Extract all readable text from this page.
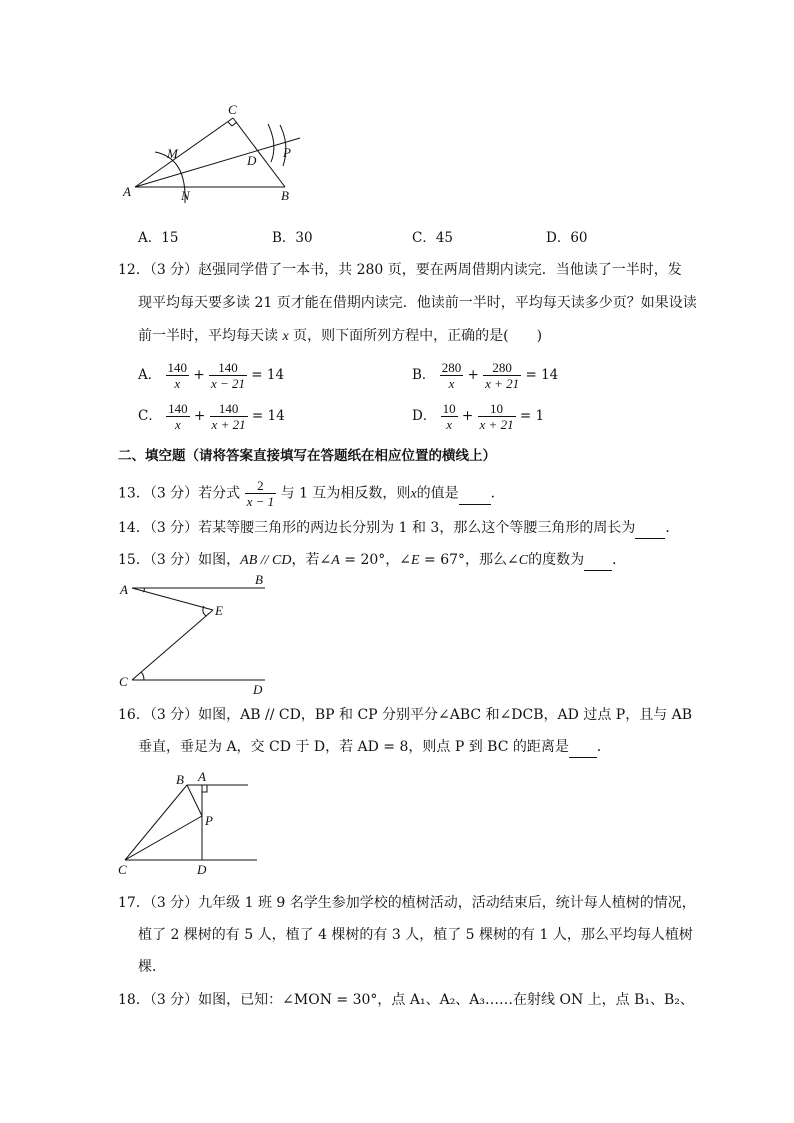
A	B
C
D
M
N
P
A．15	B．30	C．45	D．60
12．（3 分）赵强同学借了一本书，共 280 页，要在两周借期内读完．当他读了一半时，发
现平均每天要多读 21 页才能在借期内读完．他读前一半时，平均每天读多少页？如果设读
前一半时，平均每天读 x 页，则下面所列方程中，正确的是(　　)
A． $\frac{140}{x} + \frac{140}{x - 21} = 14$	B． $\frac{280}{x} + \frac{280}{x + 21} = 14$
C． $\frac{140}{x} + \frac{140}{x + 21} = 14$	D． $\frac{10}{x} + \frac{10}{x + 21} = 1$
二、填空题（请将答案直接填写在答题纸在相应位置的横线上）
13．（3 分）若分式 $\frac{2}{x - 1}$ 与 1 互为相反数，则x的值是 ．
14．（3 分）若某等腰三角形的两边长分别为 1 和 3，那么这个等腰三角形的周长为 ．
15．（3 分）如图，AB // CD，若∠A = 20°，∠E = 67°，那么∠C的度数为 ．
A
B
E
C
D
16．（3 分）如图，AB // CD，BP 和 CP 分别平分∠ABC 和∠DCB，AD 过点 P，且与 AB
垂直，垂足为 A，交 CD 于 D，若 AD = 8，则点 P 到 BC 的距离是 ．
B A
P
C	D
17．（3 分）九年级 1 班 9 名学生参加学校的植树活动，活动结束后，统计每人植树的情况，
植了 2 棵树的有 5 人，植了 4 棵树的有 3 人，植了 5 棵树的有 1 人，那么平均每人植树
棵．
18．（3 分）如图，已知：∠MON = 30°，点 A₁、A₂、A₃……在射线 ON 上，点 B₁、B₂、
